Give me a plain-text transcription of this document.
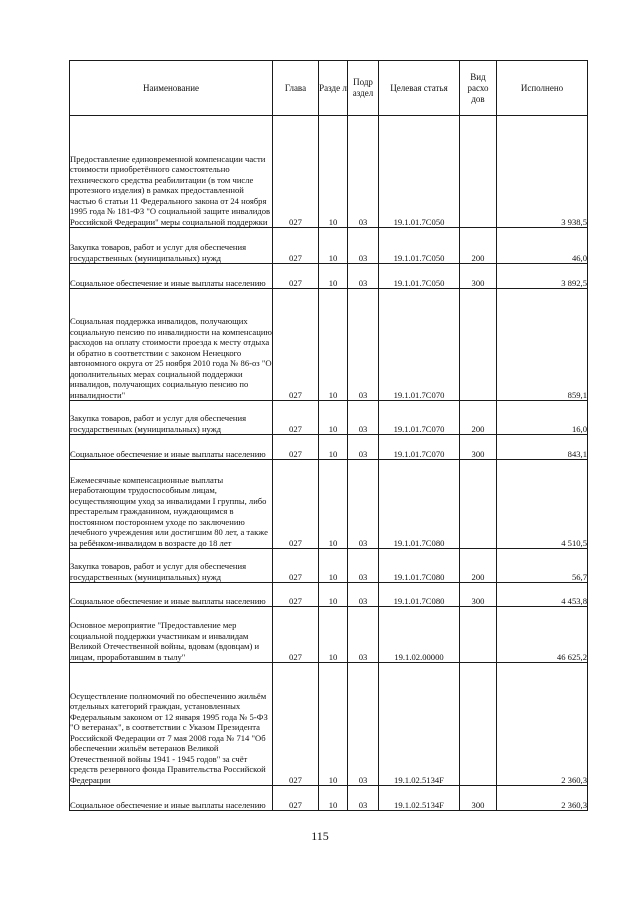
Наименование	Глава	Разде л	Подр аздел	Целевая статья	Вид расхо дов	Исполнено
Предоставление единовременной компенсации части стоимости приобретённого самостоятельно технического средства реабилитации (в том числе протезного изделия) в рамках предоставленной частью 6 статьи 11 Федерального закона от 24 ноября 1995 года № 181-ФЗ "О социальной защите инвалидов Российской Федерации" меры социальной поддержки	027	10	03	19.1.01.7С050		3 938,5
Закупка товаров, работ и услуг для обеспечения государственных (муниципальных) нужд	027	10	03	19.1.01.7С050	200	46,0
Социальное обеспечение и иные выплаты населению	027	10	03	19.1.01.7С050	300	3 892,5
Социальная поддержка инвалидов, получающих социальную пенсию по инвалидности на компенсацию расходов на оплату стоимости проезда к месту отдыха и обратно в соответствии с законом Ненецкого автономного округа от 25 ноября 2010 года № 86-оз "О дополнительных мерах социальной поддержки инвалидов, получающих социальную пенсию по инвалидности"	027	10	03	19.1.01.7С070		859,1
Закупка товаров, работ и услуг для обеспечения государственных (муниципальных) нужд	027	10	03	19.1.01.7С070	200	16,0
Социальное обеспечение и иные выплаты населению	027	10	03	19.1.01.7С070	300	843,1
Ежемесячные компенсационные выплаты неработающим трудоспособным лицам, осуществляющим уход за инвалидами I группы, либо престарелым гражданином, нуждающимся в постоянном постороннем уходе по заключению лечебного учреждения или достигшим 80 лет, а также за ребёнком-инвалидом в возрасте до 18 лет	027	10	03	19.1.01.7С080		4 510,5
Закупка товаров, работ и услуг для обеспечения государственных (муниципальных) нужд	027	10	03	19.1.01.7С080	200	56,7
Социальное обеспечение и иные выплаты населению	027	10	03	19.1.01.7С080	300	4 453,8
Основное мероприятие "Предоставление мер социальной поддержки участникам и инвалидам Великой Отечественной войны, вдовам (вдовцам) и лицам, проработавшим в тылу"	027	10	03	19.1.02.00000		46 625,2
Осуществление полномочий по обеспечению жильём отдельных категорий граждан, установленных Федеральным законом от 12 января 1995 года № 5-ФЗ "О ветеранах", в соответствии с Указом Президента Российской Федерации от 7 мая 2008 года № 714 "Об обеспечении жильём ветеранов Великой Отечественной войны 1941 - 1945 годов" за счёт средств резервного фонда Правительства Российской Федерации	027	10	03	19.1.02.5134F		2 360,3
Социальное обеспечение и иные выплаты населению	027	10	03	19.1.02.5134F	300	2 360,3
115
